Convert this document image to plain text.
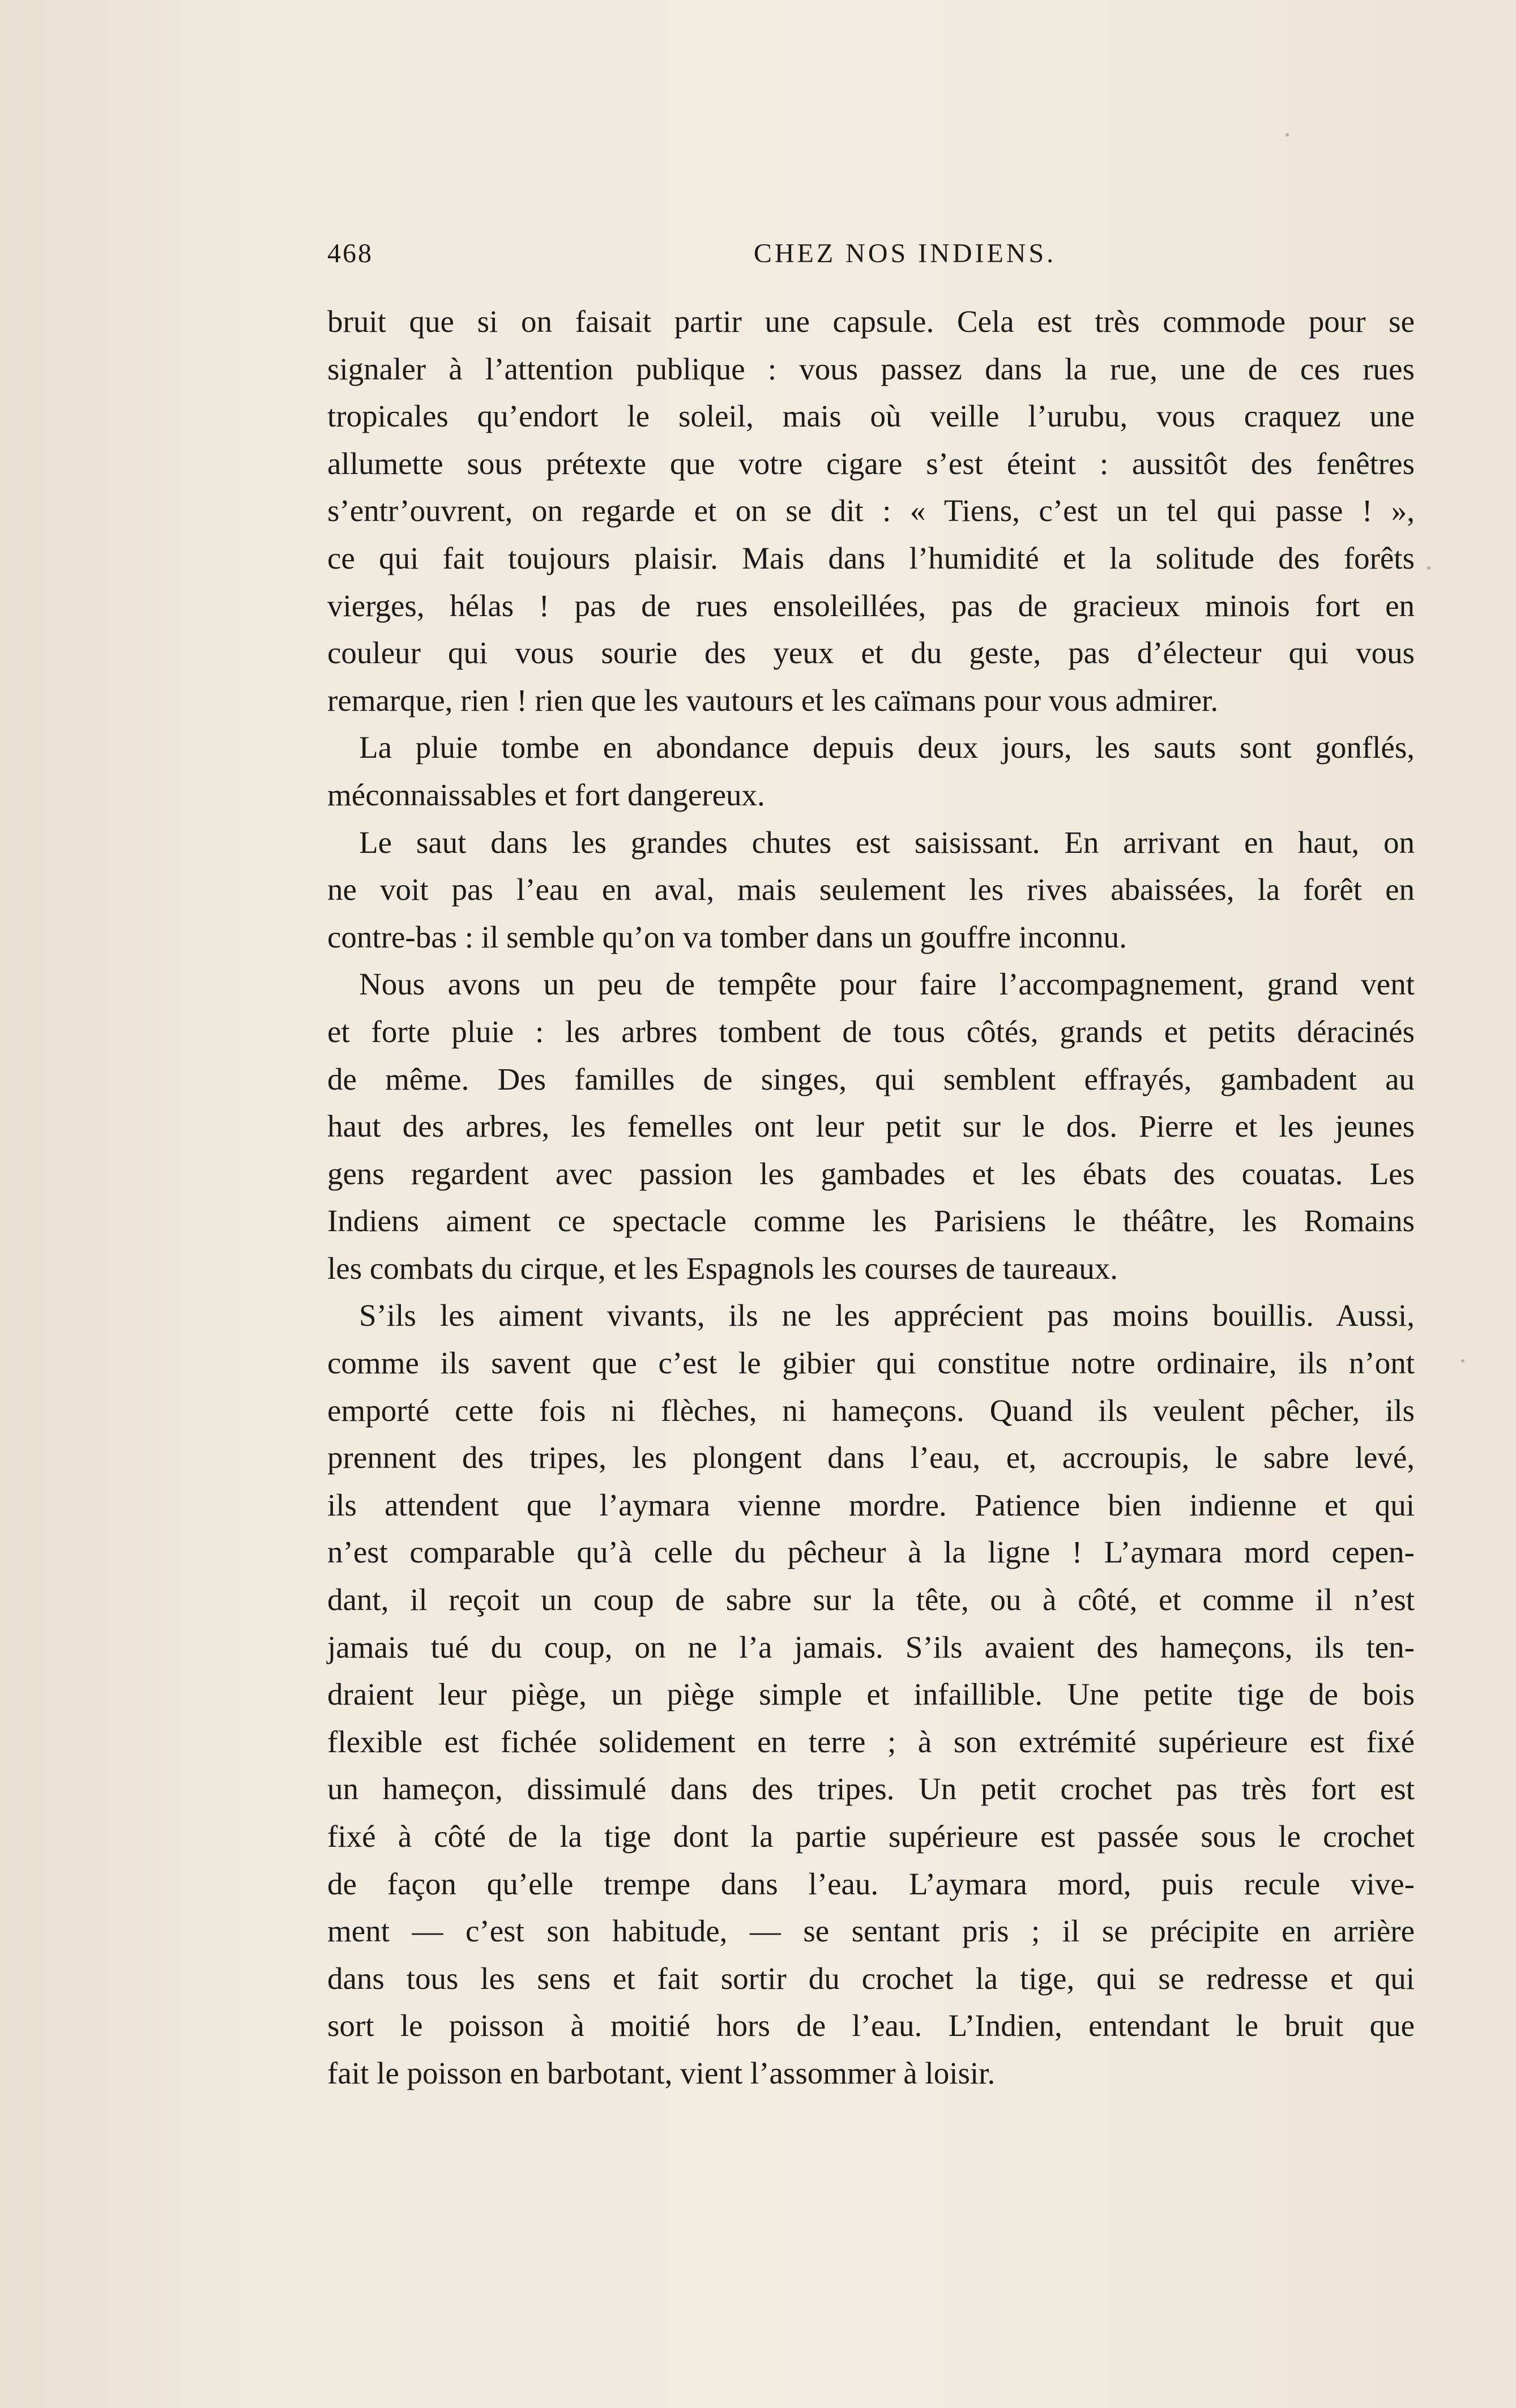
468	CHEZ NOS INDIENS.
bruit que si on faisait partir une capsule. Cela est très commode pour se
signaler à l’attention publique : vous passez dans la rue, une de ces rues
tropicales qu’endort le soleil, mais où veille l’urubu, vous craquez une
allumette sous prétexte que votre cigare s’est éteint : aussitôt des fenêtres
s’entr’ouvrent, on regarde et on se dit : « Tiens, c’est un tel qui passe ! »,
ce qui fait toujours plaisir. Mais dans l’humidité et la solitude des forêts
vierges, hélas ! pas de rues ensoleillées, pas de gracieux minois fort en
couleur qui vous sourie des yeux et du geste, pas d’électeur qui vous
remarque, rien ! rien que les vautours et les caïmans pour vous admirer.
La pluie tombe en abondance depuis deux jours, les sauts sont gonflés,
méconnaissables et fort dangereux.
Le saut dans les grandes chutes est saisissant. En arrivant en haut, on
ne voit pas l’eau en aval, mais seulement les rives abaissées, la forêt en
contre-bas : il semble qu’on va tomber dans un gouffre inconnu.
Nous avons un peu de tempête pour faire l’accompagnement, grand vent
et forte pluie : les arbres tombent de tous côtés, grands et petits déracinés
de même. Des familles de singes, qui semblent effrayés, gambadent au
haut des arbres, les femelles ont leur petit sur le dos. Pierre et les jeunes
gens regardent avec passion les gambades et les ébats des couatas. Les
Indiens aiment ce spectacle comme les Parisiens le théâtre, les Romains
les combats du cirque, et les Espagnols les courses de taureaux.
S’ils les aiment vivants, ils ne les apprécient pas moins bouillis. Aussi,
comme ils savent que c’est le gibier qui constitue notre ordinaire, ils n’ont
emporté cette fois ni flèches, ni hameçons. Quand ils veulent pêcher, ils
prennent des tripes, les plongent dans l’eau, et, accroupis, le sabre levé,
ils attendent que l’aymara vienne mordre. Patience bien indienne et qui
n’est comparable qu’à celle du pêcheur à la ligne ! L’aymara mord cepen-
dant, il reçoit un coup de sabre sur la tête, ou à côté, et comme il n’est
jamais tué du coup, on ne l’a jamais. S’ils avaient des hameçons, ils ten-
draient leur piège, un piège simple et infaillible. Une petite tige de bois
flexible est fichée solidement en terre ; à son extrémité supérieure est fixé
un hameçon, dissimulé dans des tripes. Un petit crochet pas très fort est
fixé à côté de la tige dont la partie supérieure est passée sous le crochet
de façon qu’elle trempe dans l’eau. L’aymara mord, puis recule vive-
ment — c’est son habitude, — se sentant pris ; il se précipite en arrière
dans tous les sens et fait sortir du crochet la tige, qui se redresse et qui
sort le poisson à moitié hors de l’eau. L’Indien, entendant le bruit que
fait le poisson en barbotant, vient l’assommer à loisir.
